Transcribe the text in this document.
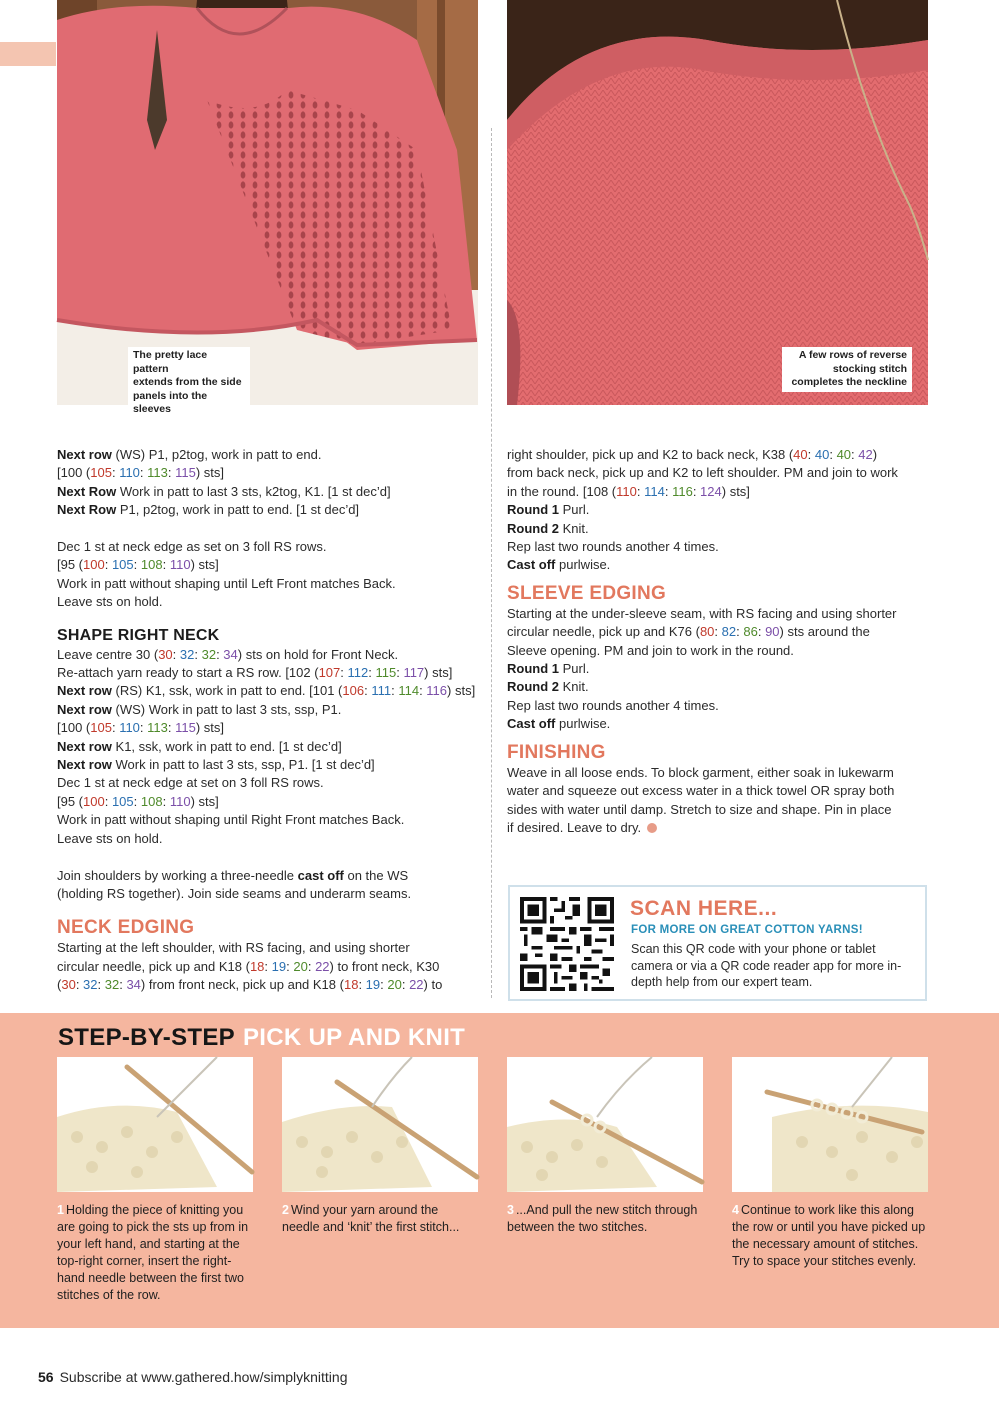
The pretty lace pattern
extends from the side
panels into the sleeves
A few rows of reverse
stocking stitch
completes the neckline
Next row (WS) P1, p2tog, work in patt to end.
[100 (105: 110: 113: 115) sts]
Next Row Work in patt to last 3 sts, k2tog, K1. [1 st dec’d]
Next Row P1, p2tog, work in patt to end. [1 st dec’d]
Dec 1 st at neck edge as set on 3 foll RS rows.
[95 (100: 105: 108: 110) sts]
Work in patt without shaping until Left Front matches Back.
Leave sts on hold.
SHAPE RIGHT NECK
Leave centre 30 (30: 32: 32: 34) sts on hold for Front Neck.
Re-attach yarn ready to start a RS row. [102 (107: 112: 115: 117) sts]
Next row (RS) K1, ssk, work in patt to end. [101 (106: 111: 114: 116) sts]
Next row (WS) Work in patt to last 3 sts, ssp, P1.
[100 (105: 110: 113: 115) sts]
Next row K1, ssk, work in patt to end. [1 st dec’d]
Next row Work in patt to last 3 sts, ssp, P1. [1 st dec’d]
Dec 1 st at neck edge at set on 3 foll RS rows.
[95 (100: 105: 108: 110) sts]
Work in patt without shaping until Right Front matches Back.
Leave sts on hold.
Join shoulders by working a three-needle cast off on the WS
(holding RS together). Join side seams and underarm seams.
NECK EDGING
Starting at the left shoulder, with RS facing, and using shorter
circular needle, pick up and K18 (18: 19: 20: 22) to front neck, K30
(30: 32: 32: 34) from front neck, pick up and K18 (18: 19: 20: 22) to
right shoulder, pick up and K2 to back neck, K38 (40: 40: 40: 42)
from back neck, pick up and K2 to left shoulder. PM and join to work
in the round. [108 (110: 114: 116: 124) sts]
Round 1 Purl.
Round 2 Knit.
Rep last two rounds another 4 times.
Cast off purlwise.
SLEEVE EDGING
Starting at the under-sleeve seam, with RS facing and using shorter
circular needle, pick up and K76 (80: 82: 86: 90) sts around the
Sleeve opening. PM and join to work in the round.
Round 1 Purl.
Round 2 Knit.
Rep last two rounds another 4 times.
Cast off purlwise.
FINISHING
Weave in all loose ends. To block garment, either soak in lukewarm
water and squeeze out excess water in a thick towel OR spray both
sides with water until damp. Stretch to size and shape. Pin in place
if desired. Leave to dry.
SCAN HERE...
FOR MORE ON GREAT COTTON YARNS!
Scan this QR code with your phone or tablet camera or via a QR code reader app for more in-depth help from our expert team.
STEP-BY-STEP PICK UP AND KNIT
1 Holding the piece of knitting you are going to pick the sts up from in your left hand, and starting at the top-right corner, insert the right-hand needle between the first two stitches of the row.
2 Wind your yarn around the needle and ‘knit’ the first stitch...
3 ...And pull the new stitch through between the two stitches.
4 Continue to work like this along the row or until you have picked up the necessary amount of stitches. Try to space your stitches evenly.
56 Subscribe at www.gathered.how/simplyknitting
